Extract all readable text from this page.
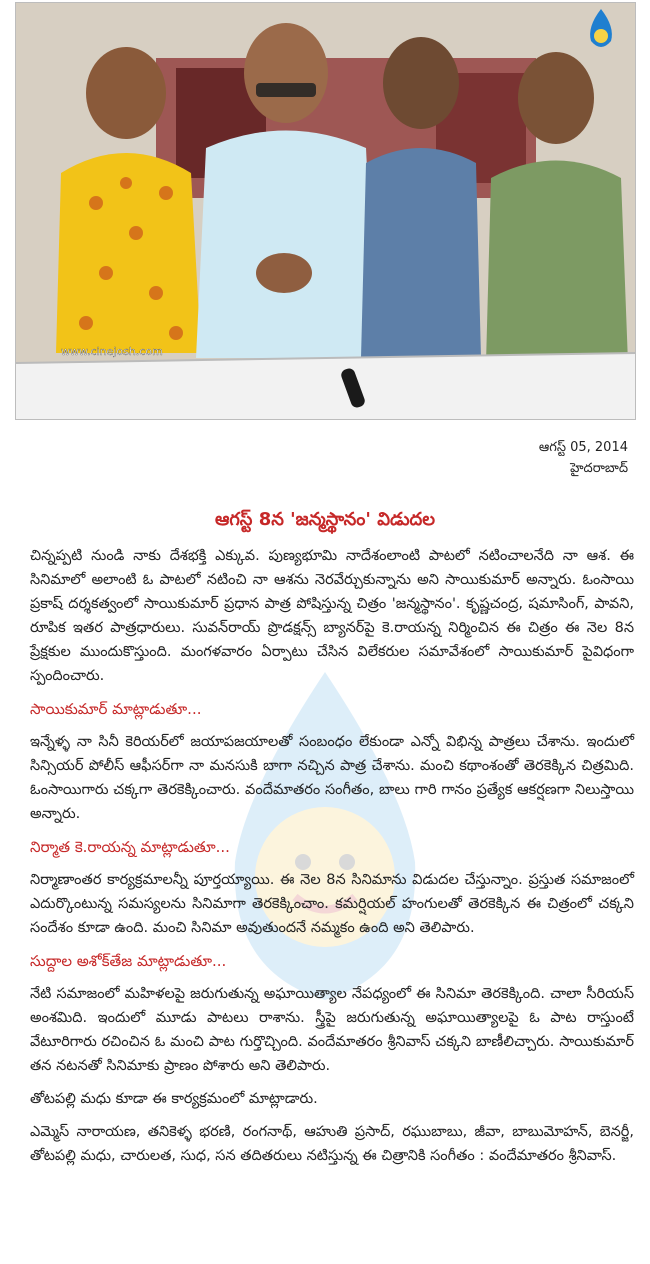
www.cinejosh.com
ఆగస్ట్ 05, 2014
హైదరాబాద్
ఆగస్ట్ 8న 'జన్మస్థానం' విడుదల

చిన్నప్పటి నుండి నాకు దేశభక్తి ఎక్కువ. పుణ్యభూమి నాదేశంలాంటి పాటలో నటించాలనేది నా ఆశ. ఈ సినిమాలో అలాంటి ఓ పాటలో నటించి నా ఆశను నెరవేర్చుకున్నాను అని సాయికుమార్ అన్నారు. ఓంసాయి ప్రకాష్ దర్శకత్వంలో సాయికుమార్ ప్రధాన పాత్ర పోషిస్తున్న చిత్రం 'జన్మస్థానం'. కృష్ణచంద్ర, షమాసింగ్, పావని, రూపిక ఇతర పాత్రధారులు. సువన్‌రాయ్ ప్రొడక్షన్స్ బ్యానర్‌పై కె.రాయన్న నిర్మించిన ఈ చిత్రం ఈ నెల 8న ప్రేక్షకుల ముందుకొస్తుంది. మంగళవారం ఏర్పాటు చేసిన విలేకరుల సమావేశంలో సాయికుమార్ పైవిధంగా స్పందించారు.

సాయికుమార్ మాట్లాడుతూ...

ఇన్నేళ్ళ నా సినీ కెరియర్‌లో జయాపజయాలతో సంబంధం లేకుండా ఎన్నో విభిన్న పాత్రలు చేశాను. ఇందులో సిన్సియర్ పోలీస్ ఆఫీసర్‌గా నా మనసుకి బాగా నచ్చిన పాత్ర చేశాను. మంచి కథాంశంతో తెరకెక్కిన చిత్రమిది. ఓంసాయిగారు చక్కగా తెరకెక్కించారు. వందేమాతరం సంగీతం, బాలు గారి గానం ప్రత్యేక ఆకర్షణగా నిలుస్తాయి అన్నారు.

నిర్మాత కె.రాయన్న మాట్లాడుతూ...

నిర్మాణాంతర కార్యక్రమాలన్నీ పూర్తయ్యాయి. ఈ నెల 8న సినిమాను విడుదల చేస్తున్నాం. ప్రస్తుత సమాజంలో ఎదుర్కొంటున్న సమస్యలను సినిమాగా తెరకెక్కించాం. కమర్షియల్ హంగులతో తెరకెక్కిన ఈ చిత్రంలో చక్కని సందేశం కూడా ఉంది. మంచి సినిమా అవుతుందనే నమ్మకం ఉంది అని తెలిపారు.

సుద్దాల అశోక్‌తేజ మాట్లాడుతూ...

నేటి సమాజంలో మహిళలపై జరుగుతున్న అఘాయిత్యాల నేపధ్యంలో ఈ సినిమా తెరకెక్కింది. చాలా సీరియస్ అంశమిది. ఇందులో మూడు పాటలు రాశాను. స్త్రీపై జరుగుతున్న అఘాయిత్యాలపై ఓ పాట రాస్తుంటే వేటూరిగారు రచించిన ఓ మంచి పాట గుర్తొచ్చింది. వందేమాతరం శ్రీనివాస్ చక్కని బాణీలిచ్చారు. సాయికుమార్ తన నటనతో సినిమాకు ప్రాణం పోశారు అని తెలిపారు.

తోటపల్లి మధు కూడా ఈ కార్యక్రమంలో మాట్లాడారు.

ఎమ్మెస్ నారాయణ, తనికెళ్ళ భరణి, రంగనాథ్, ఆహుతి ప్రసాద్, రఘుబాబు, జీవా, బాబుమోహన్, బెనర్జీ, తోటపల్లి మధు, చారులత, సుధ, సన తదితరులు నటిస్తున్న ఈ చిత్రానికి సంగీతం : వందేమాతరం శ్రీనివాస్.
